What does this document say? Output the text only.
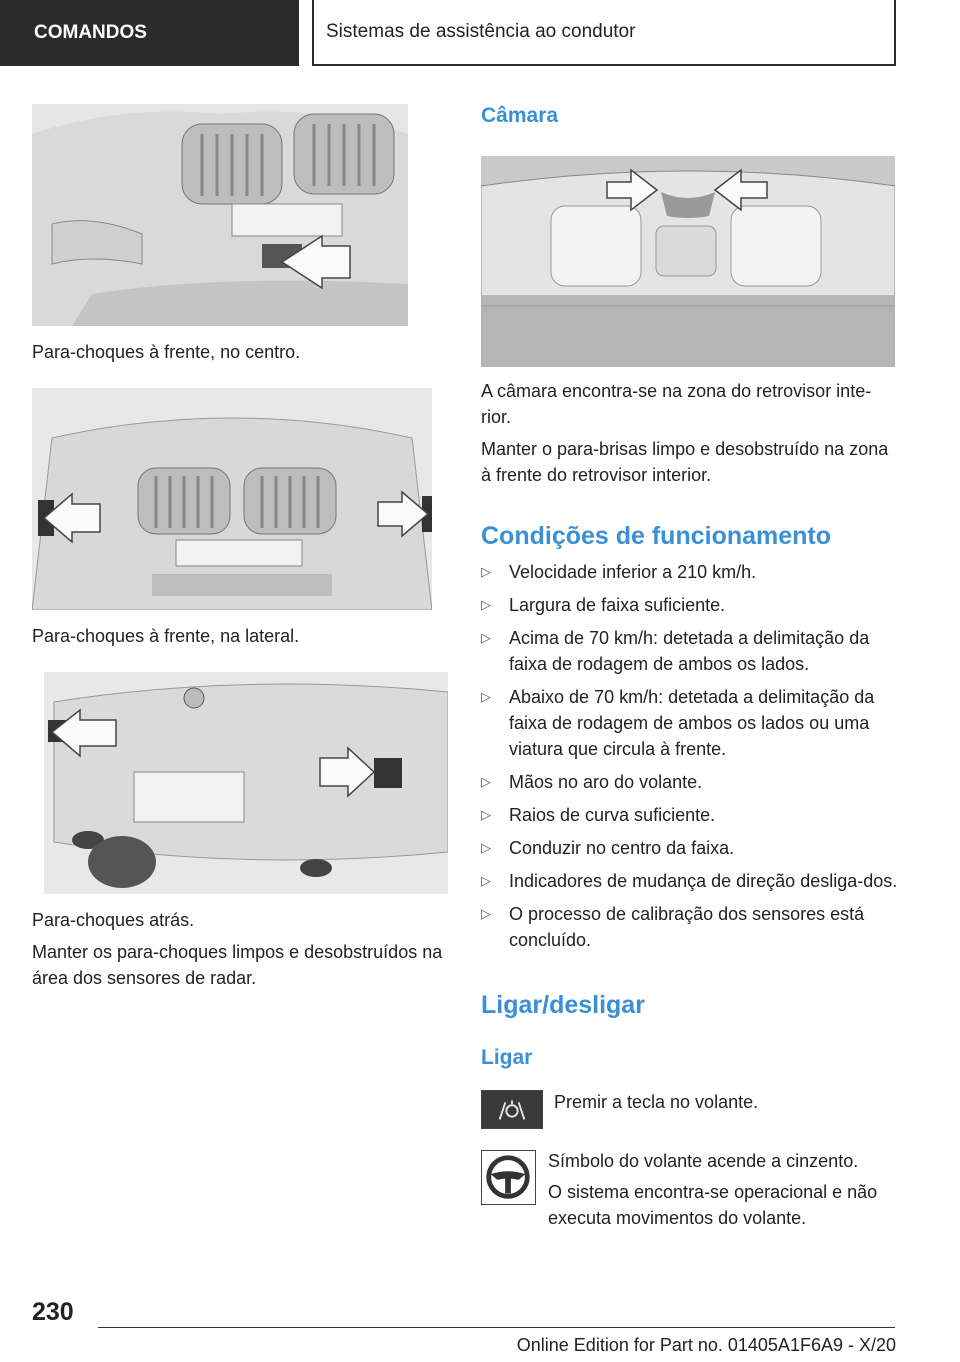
COMANDOS	Sistemas de assistência ao condutor
Para-choques à frente, no centro.
Para-choques à frente, na lateral.
Para-choques atrás.
Manter os para-choques limpos e desobstruídos na área dos sensores de radar.
Câmara
A câmara encontra-se na zona do retrovisor inte-rior.
Manter o para-brisas limpo e desobstruído na zona à frente do retrovisor interior.
Condições de funcionamento
▷ Velocidade inferior a 210 km/h.
▷ Largura de faixa suficiente.
▷ Acima de 70 km/h: detetada a delimitação da faixa de rodagem de ambos os lados.
▷ Abaixo de 70 km/h: detetada a delimitação da faixa de rodagem de ambos os lados ou uma viatura que circula à frente.
▷ Mãos no aro do volante.
▷ Raios de curva suficiente.
▷ Conduzir no centro da faixa.
▷ Indicadores de mudança de direção desliga-dos.
▷ O processo de calibração dos sensores está concluído.
Ligar/desligar
Ligar
Premir a tecla no volante.
Símbolo do volante acende a cinzento.
O sistema encontra-se operacional e não executa movimentos do volante.
230
Online Edition for Part no. 01405A1F6A9 - X/20
